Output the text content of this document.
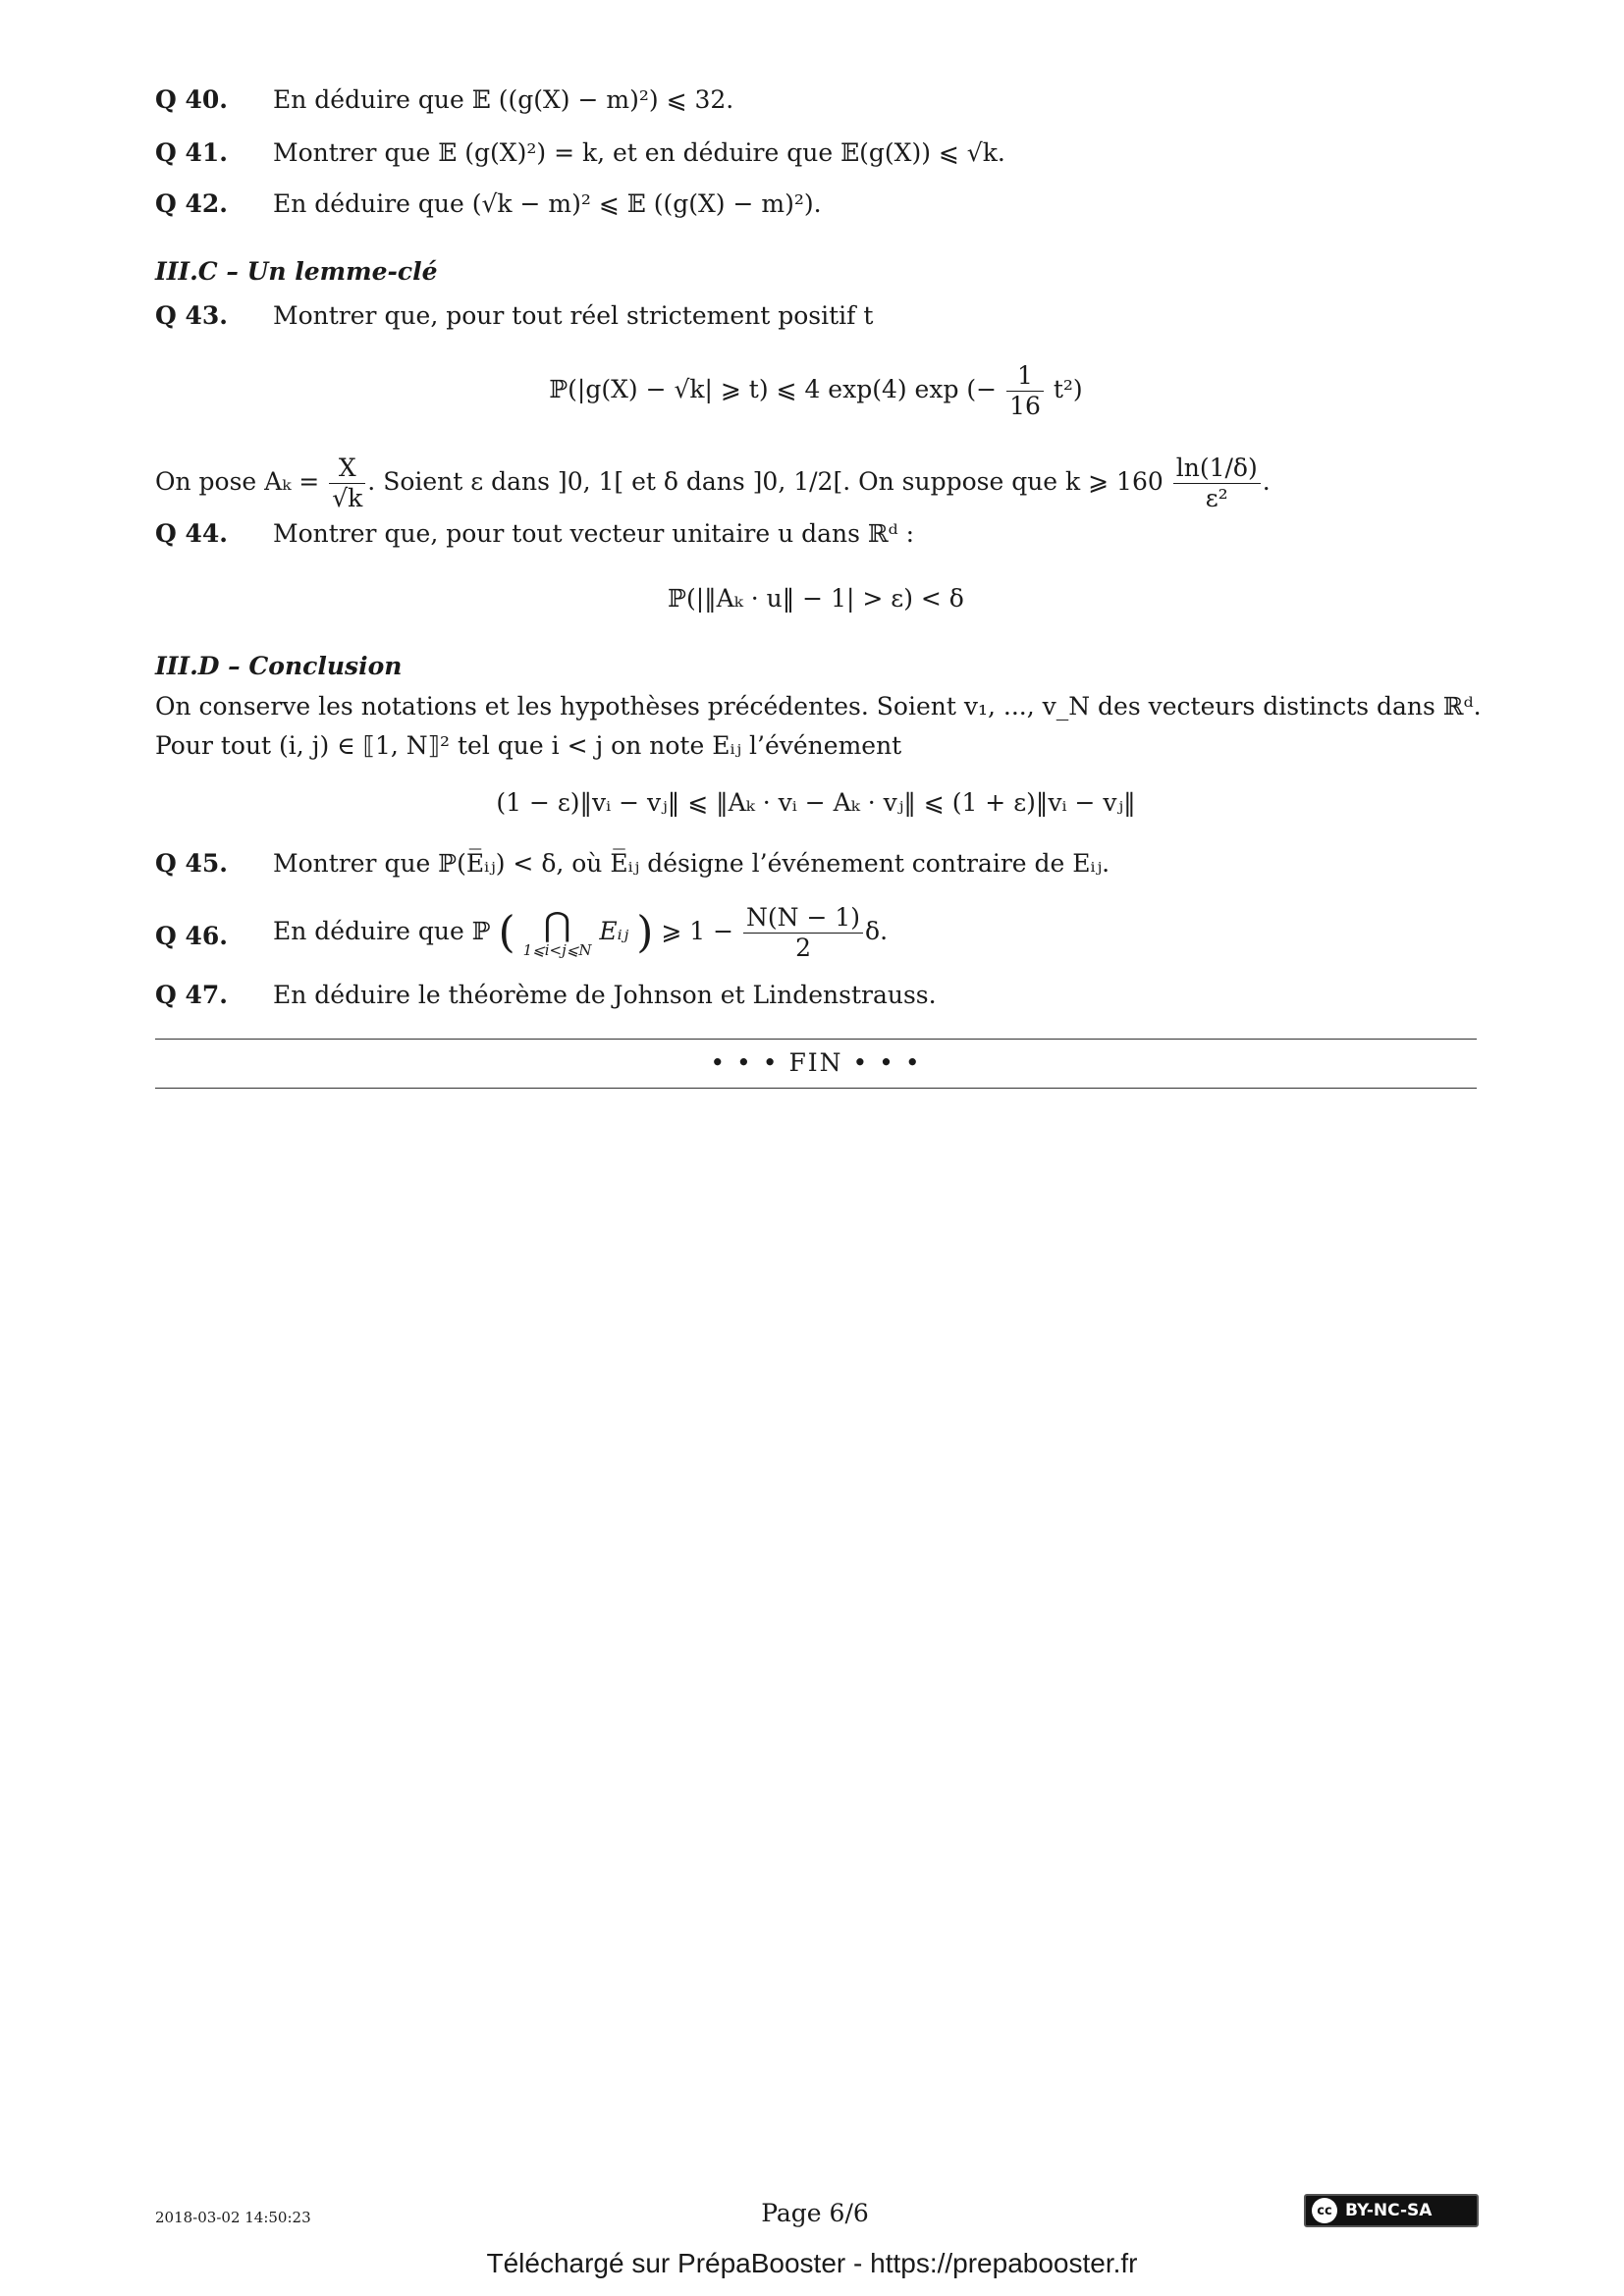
Q 40. En déduire que 𝔼 ((g(X) − m)²) ⩽ 32.
Q 41. Montrer que 𝔼 (g(X)²) = k, et en déduire que 𝔼(g(X)) ⩽ √k.
Q 42. En déduire que (√k − m)² ⩽ 𝔼 ((g(X) − m)²).
III.C – Un lemme-clé
Q 43. Montrer que, pour tout réel strictement positif t
ℙ(|g(X) − √k| ⩾ t) ⩽ 4 exp(4) exp (− $\frac{1}{16} t^2$)
On pose $A_k = \frac{X}{√k}$ . Soient ε dans ]0, 1[ et δ dans ]0, 1/2[. On suppose que k ⩾ $160 \frac{\ln(1/\delta)}{\text{ε²}}$ .
Q 44. Montrer que, pour tout vecteur unitaire u dans ℝᵈ :
ℙ(|‖Aₖ · u‖ − 1| > ε) < δ
III.D – Conclusion
On conserve les notations et les hypothèses précédentes. Soient v₁, ..., v_N des vecteurs distincts dans ℝᵈ.
Pour tout (i, j) ∈ ⟦1, N⟧² tel que i < j on note Eᵢⱼ l’événement
(1 − ε)‖vᵢ − vⱼ‖ ⩽ ‖Aₖ · vᵢ − Aₖ · vⱼ‖ ⩽ (1 + ε)‖vᵢ − vⱼ‖
Q 45. Montrer que ℙ(E̅ᵢⱼ) < δ, où E̅ᵢⱼ désigne l’événement contraire de Eᵢⱼ.
Q 46. En déduire que ℙ ( ⋂
1⩽i<j⩽N
Eᵢⱼ ) ⩾ $1 - \frac{N(N - 1)}{2} \delta$.
Q 47. En déduire le théorème de Johnson et Lindenstrauss.
• • • FIN • • •
2018-03-02 14:50:23	Page 6/6	cc BY-NC-SA
Téléchargé sur PrépaBooster - https://prepabooster.fr
